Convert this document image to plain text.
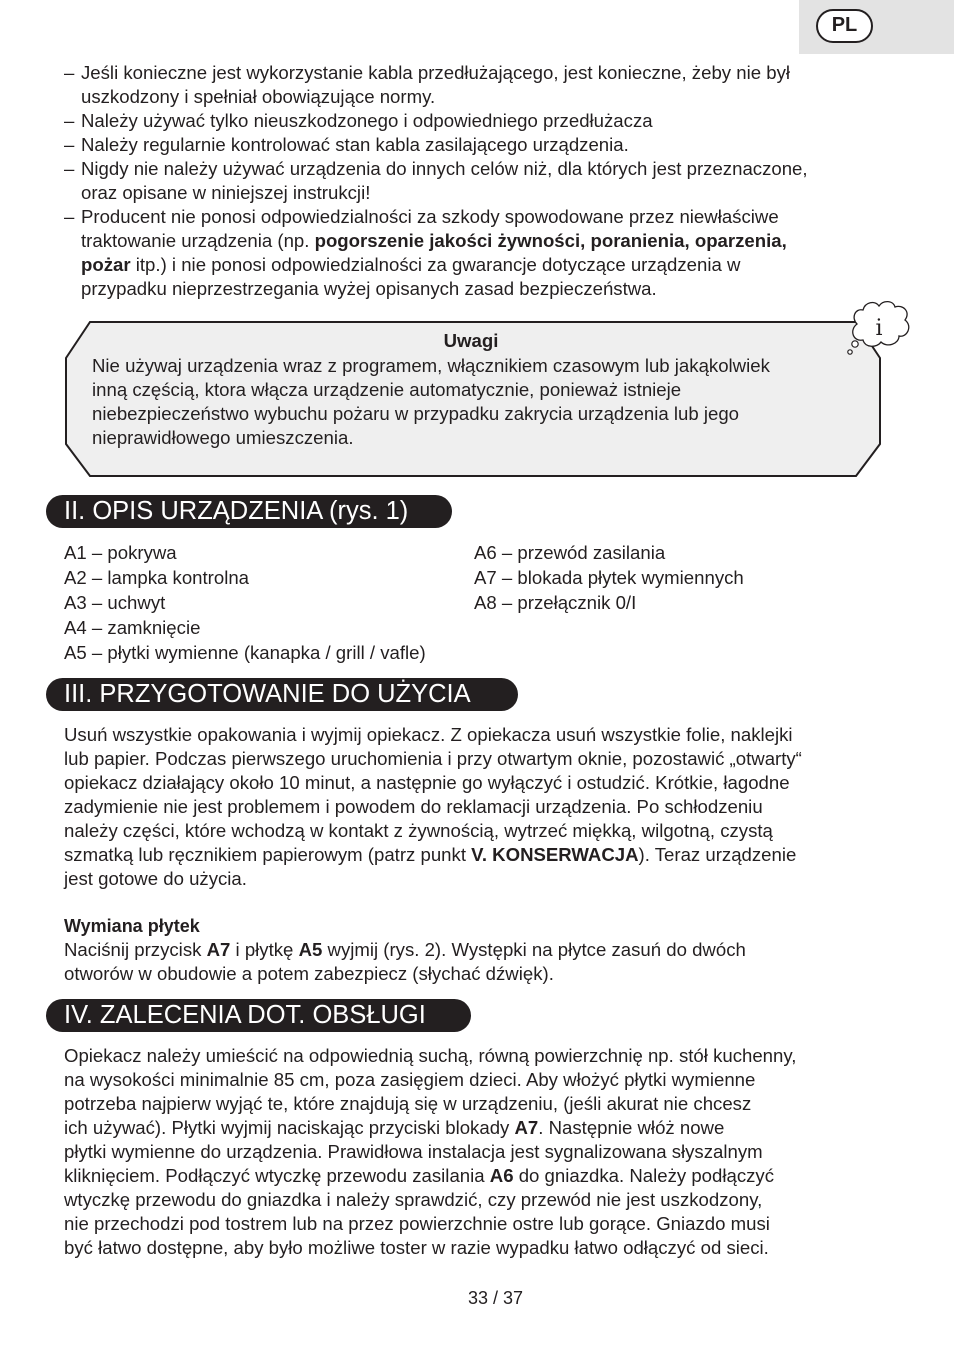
PL
– Jeśli konieczne jest wykorzystanie kabla przedłużającego, jest konieczne, żeby nie był
uszkodzony i spełniał obowiązujące normy.
– Należy używać tylko nieuszkodzonego i odpowiedniego przedłużacza
– Należy regularnie kontrolować stan kabla zasilającego urządzenia.
– Nigdy nie należy używać urządzenia do innych celów niż, dla których jest przeznaczone,
oraz opisane w niniejszej instrukcji!
– Producent nie ponosi odpowiedzialności za szkody spowodowane przez niewłaściwe
traktowanie urządzenia (np. pogorszenie jakości żywności, poranienia, oparzenia,
pożar itp.) i nie ponosi odpowiedzialności za gwarancje dotyczące urządzenia w
przypadku nieprzestrzegania wyżej opisanych zasad bezpieczeństwa.
Uwagi
Nie używaj urządzenia wraz z programem, włącznikiem czasowym lub jakąkolwiek
inną częścią, ktora włącza urządzenie automatycznie, ponieważ istnieje
niebezpieczeństwo wybuchu pożaru w przypadku zakrycia urządzenia lub jego
nieprawidłowego umieszczenia.
i
II. OPIS URZĄDZENIA (rys. 1)
A1 – pokrywa
A2 – lampka kontrolna
A3 – uchwyt
A4 – zamknięcie
A5 – płytki wymienne (kanapka / grill / vafle)
A6 – przewód zasilania
A7 – blokada płytek wymiennych
A8 – przełącznik 0/I
III. PRZYGOTOWANIE DO UŻYCIA
Usuń wszystkie opakowania i wyjmij opiekacz. Z opiekacza usuń wszystkie folie, naklejki
lub papier. Podczas pierwszego uruchomienia i przy otwartym oknie, pozostawić „otwarty“
opiekacz działający około 10 minut, a następnie go wyłączyć i ostudzić. Krótkie, łagodne
zadymienie nie jest problemem i powodem do reklamacji urządzenia. Po schłodzeniu
należy części, które wchodzą w kontakt z żywnością, wytrzeć miękką, wilgotną, czystą
szmatką lub ręcznikiem papierowym (patrz punkt V. KONSERWACJA). Teraz urządzenie
jest gotowe do użycia.
Wymiana płytek
Naciśnij przycisk A7 i płytkę A5 wyjmij (rys. 2). Występki na płytce zasuń do dwóch
otworów w obudowie a potem zabezpiecz (słychać dźwięk).
IV. ZALECENIA DOT. OBSŁUGI
Opiekacz należy umieścić na odpowiednią suchą, równą powierzchnię np. stół kuchenny,
na wysokości minimalnie 85 cm, poza zasięgiem dzieci. Aby włożyć płytki wymienne
potrzeba najpierw wyjąć te, które znajdują się w urządzeniu, (jeśli akurat nie chcesz
ich używać). Płytki wyjmij naciskając przyciski blokady A7. Następnie włóż nowe
płytki wymienne do urządzenia. Prawidłowa instalacja jest sygnalizowana słyszalnym
kliknięciem. Podłączyć wtyczkę przewodu zasilania A6 do gniazdka. Należy podłączyć
wtyczkę przewodu do gniazdka i należy sprawdzić, czy przewód nie jest uszkodzony,
nie przechodzi pod tostrem lub na przez powierzchnie ostre lub gorące. Gniazdo musi
być łatwo dostępne, aby było możliwe toster w razie wypadku łatwo odłączyć od sieci.
33 / 37
